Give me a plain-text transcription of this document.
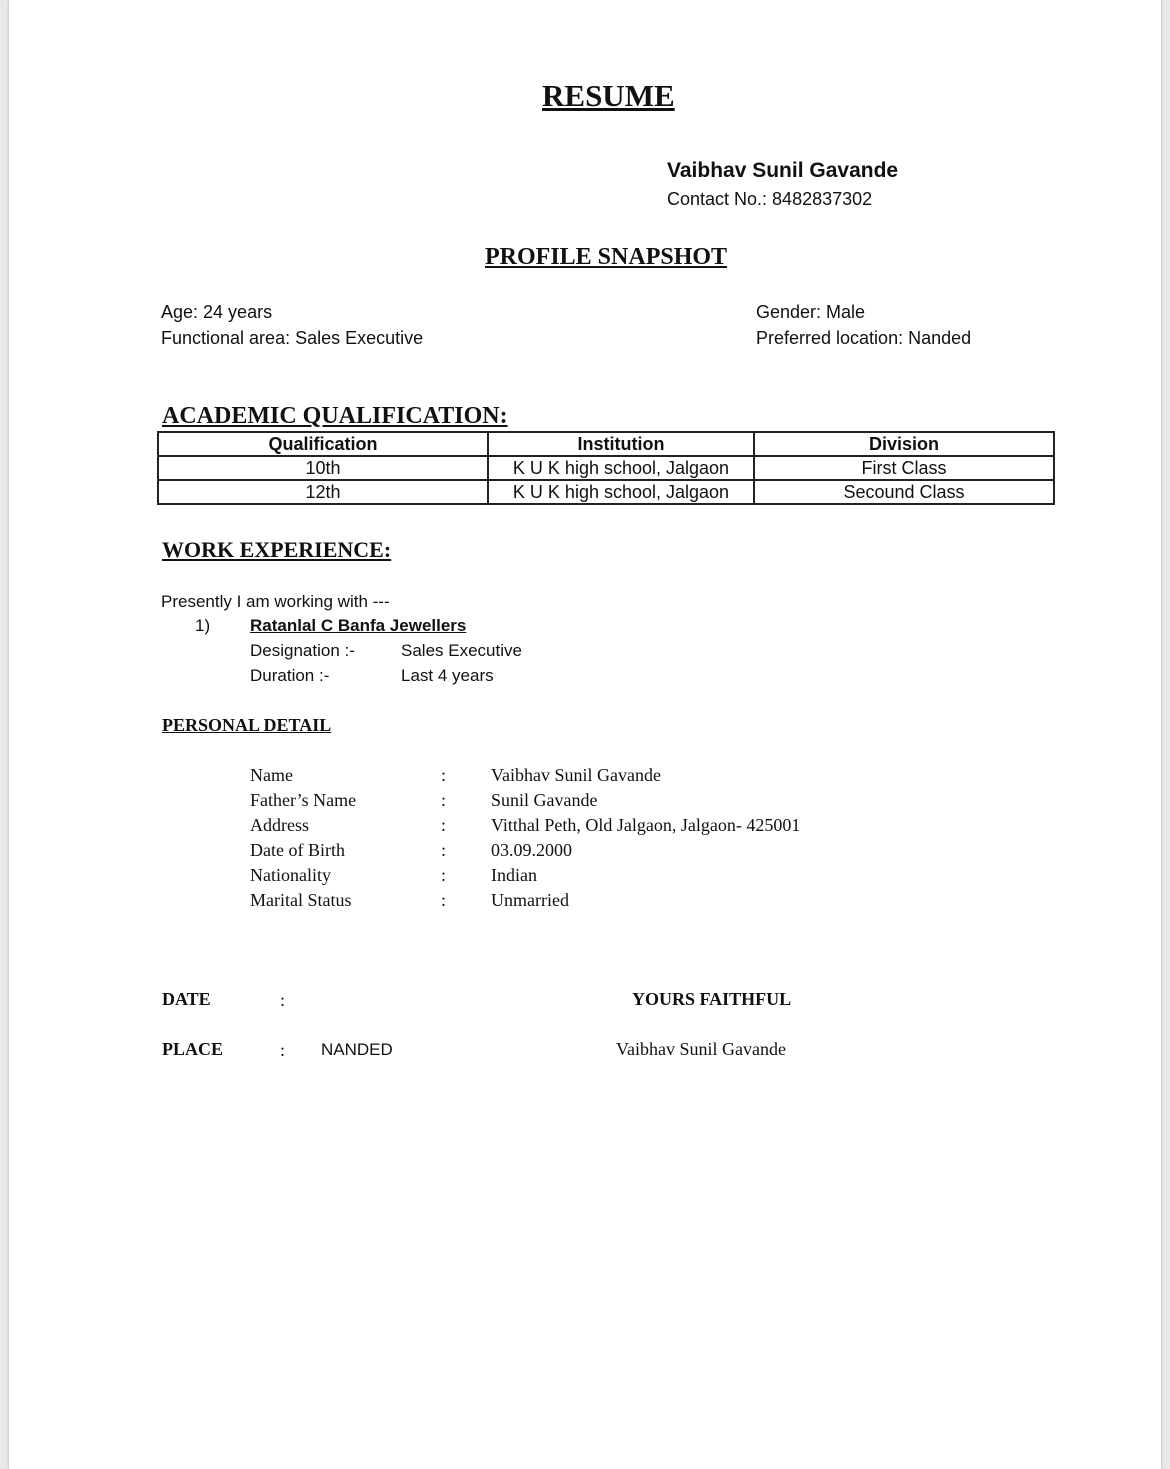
RESUME
Vaibhav Sunil Gavande
Contact No.: 8482837302
PROFILE SNAPSHOT
Age: 24 years
Functional area: Sales Executive
Gender: Male
Preferred location: Nanded
ACADEMIC QUALIFICATION:
Qualification	Institution	Division
10th	K U K high school, Jalgaon	First Class
12th	K U K high school, Jalgaon	Secound Class
WORK EXPERIENCE:
Presently I am working with ---
1) Ratanlal C Banfa Jewellers
Designation :-	Sales Executive
Duration :-	Last 4 years
PERSONAL DETAIL
Name	: Vaibhav Sunil Gavande
Father’s Name	: Sunil Gavande
Address	: Vitthal Peth, Old Jalgaon, Jalgaon- 425001
Date of Birth	: 03.09.2000
Nationality	: Indian
Marital Status	: Unmarried
DATE	:	YOURS FAITHFUL
PLACE	: NANDED	Vaibhav Sunil Gavande
